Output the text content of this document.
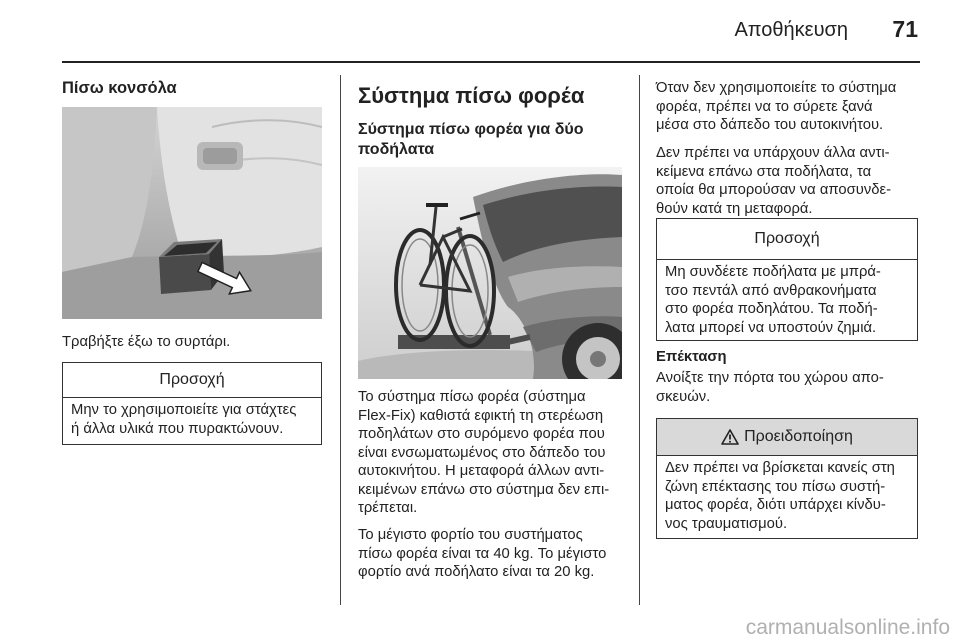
Αποθήκευση 71
Πίσω κονσόλα
Τραβήξτε έξω το συρτάρι.
Προσοχή
Μην το χρησιμοποιείτε για στάχτες
ή άλλα υλικά που πυρακτώνουν.
Σύστημα πίσω φορέα
Σύστημα πίσω φορέα για δύο
ποδήλατα
Το σύστημα πίσω φορέα (σύστημα
Flex-Fix) καθιστά εφικτή τη στερέωση
ποδηλάτων στο συρόμενο φορέα που
είναι ενσωματωμένος στο δάπεδο του
αυτοκινήτου. Η μεταφορά άλλων αντι-
κειμένων επάνω στο σύστημα δεν επι-
τρέπεται.
Το μέγιστο φορτίο του συστήματος
πίσω φορέα είναι τα 40 kg. Το μέγιστο
φορτίο ανά ποδήλατο είναι τα 20 kg.
Όταν δεν χρησιμοποιείτε το σύστημα
φορέα, πρέπει να το σύρετε ξανά
μέσα στο δάπεδο του αυτοκινήτου.
Δεν πρέπει να υπάρχουν άλλα αντι-
κείμενα επάνω στα ποδήλατα, τα
οποία θα μπορούσαν να αποσυνδε-
θούν κατά τη μεταφορά.
Προσοχή
Μη συνδέετε ποδήλατα με μπρά-
τσο πεντάλ από ανθρακονήματα
στο φορέα ποδηλάτου. Τα ποδή-
λατα μπορεί να υποστούν ζημιά.
Επέκταση
Ανοίξτε την πόρτα του χώρου απο-
σκευών.
Προειδοποίηση
Δεν πρέπει να βρίσκεται κανείς στη
ζώνη επέκτασης του πίσω συστή-
ματος φορέα, διότι υπάρχει κίνδυ-
νος τραυματισμού.
carmanualsonline.info
